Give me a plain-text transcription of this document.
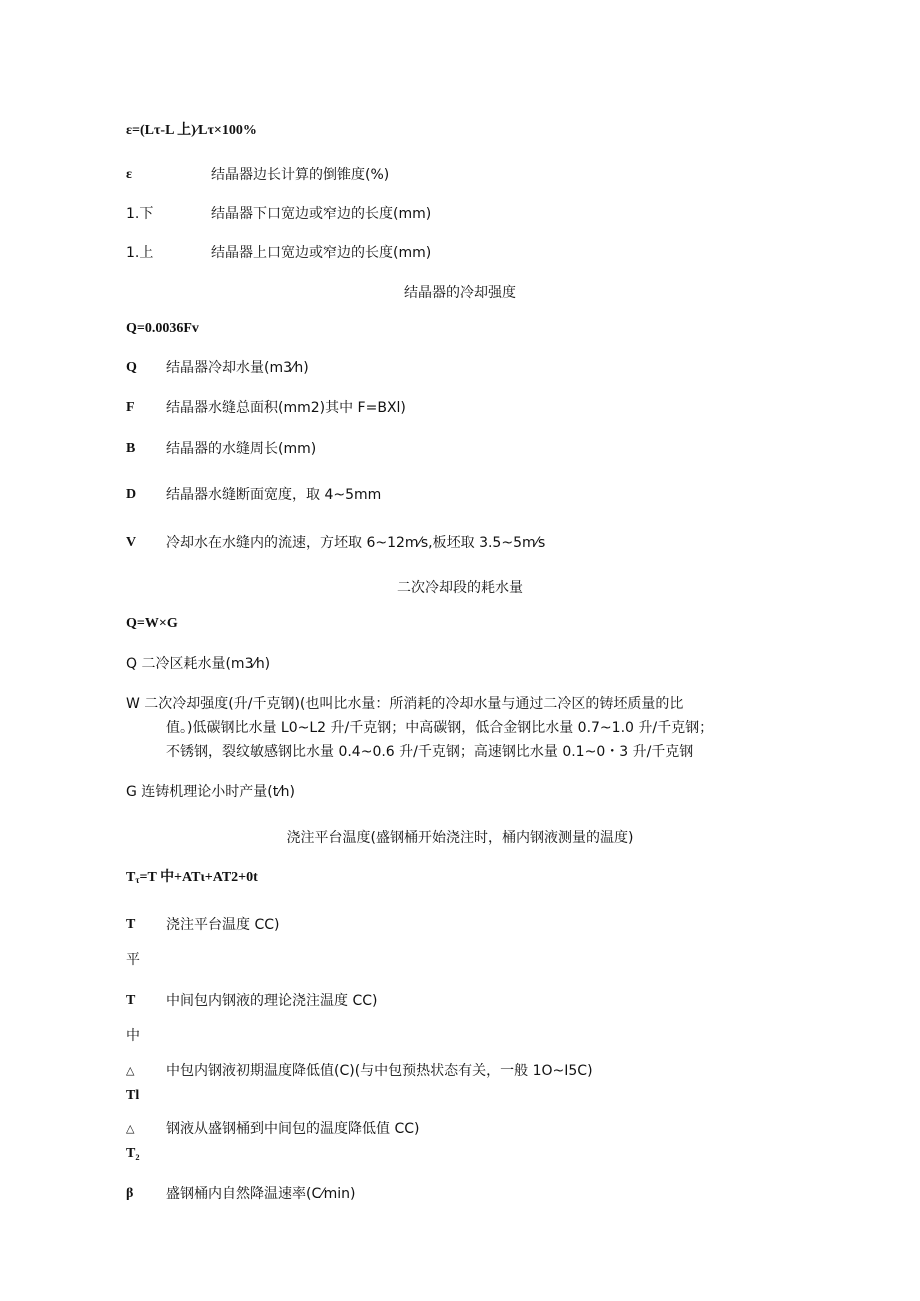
ε=(Lτ-L 上)⁄Lτ×100%
ε	结晶器边长计算的倒锥度(%)
1.下	结晶器下口宽边或窄边的长度(mm)
1.上	结晶器上口宽边或窄边的长度(mm)
结晶器的冷却强度
Q=0.0036Fv
Q 结晶器冷却水量(m3⁄h)
F 结晶器水缝总面积(mm2)其中 F=BXl)
B 结晶器的水缝周长(mm)
D 结晶器水缝断面宽度，取 4~5mm
V 冷却水在水缝内的流速，方坯取 6~12m⁄s,板坯取 3.5~5m⁄s
二次冷却段的耗水量
Q=W×G
Q 二冷区耗水量(m3⁄h)
W 二次冷却强度(升/千克钢)(也叫比水量：所消耗的冷却水量与通过二冷区的铸坯质量的比
值。)低碳钢比水量 L0~L2 升/千克钢；中高碳钢，低合金钢比水量 0.7~1.0 升/千克钢；
不锈钢，裂纹敏感钢比水量 0.4~0.6 升/千克钢；高速钢比水量 0.1~0・3 升/千克钢
G 连铸机理论小时产量(t⁄h)
浇注平台温度(盛钢桶开始浇注时，桶内钢液测量的温度)
$T_\tau=T$ 中+ATι+AT2+0t
T 浇注平台温度 CC)
平
T 中间包内钢液的理论浇注温度 CC)
中
△ 中包内钢液初期温度降低值(C)(与中包预热状态有关，一般 1O~I5C)
Tl
△ 钢液从盛钢桶到中间包的温度降低值 CC)
T₂
β 盛钢桶内自然降温速率(C⁄min)
